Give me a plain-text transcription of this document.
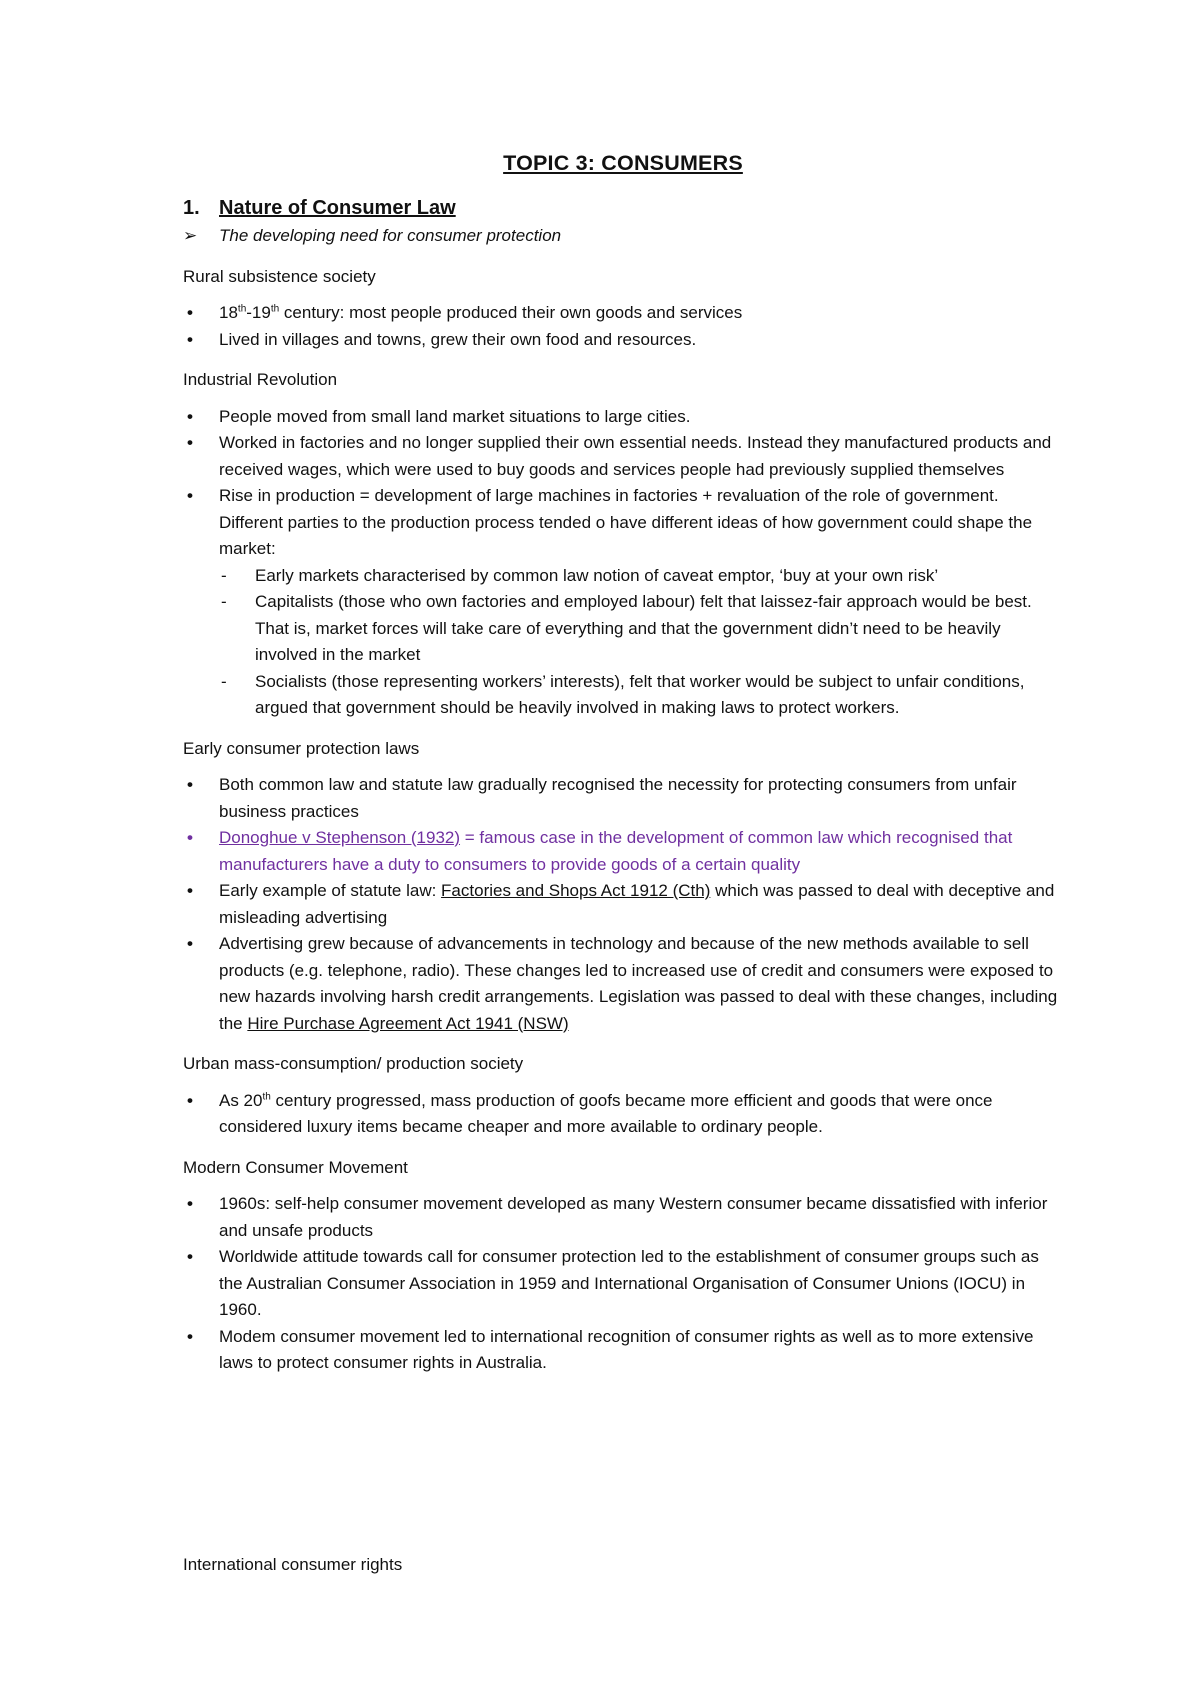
TOPIC 3: CONSUMERS
1. Nature of Consumer Law
➢	The developing need for consumer protection
Rural subsistence society
• 18th-19th century: most people produced their own goods and services
• Lived in villages and towns, grew their own food and resources.
Industrial Revolution
• People moved from small land market situations to large cities.
• Worked in factories and no longer supplied their own essential needs. Instead they manufactured products and received wages, which were used to buy goods and services people had previously supplied themselves
• Rise in production = development of large machines in factories + revaluation of the role of government. Different parties to the production process tended o have different ideas of how government could shape the market:
- Early markets characterised by common law notion of caveat emptor, ‘buy at your own risk’
- Capitalists (those who own factories and employed labour) felt that laissez-fair approach would be best. That is, market forces will take care of everything and that the government didn’t need to be heavily involved in the market
- Socialists (those representing workers’ interests), felt that worker would be subject to unfair conditions, argued that government should be heavily involved in making laws to protect workers.
Early consumer protection laws
• Both common law and statute law gradually recognised the necessity for protecting consumers from unfair business practices
• Donoghue v Stephenson (1932) = famous case in the development of common law which recognised that manufacturers have a duty to consumers to provide goods of a certain quality
• Early example of statute law: Factories and Shops Act 1912 (Cth) which was passed to deal with deceptive and misleading advertising
• Advertising grew because of advancements in technology and because of the new methods available to sell products (e.g. telephone, radio). These changes led to increased use of credit and consumers were exposed to new hazards involving harsh credit arrangements. Legislation was passed to deal with these changes, including the Hire Purchase Agreement Act 1941 (NSW)
Urban mass-consumption/ production society
• As 20th century progressed, mass production of goofs became more efficient and goods that were once considered luxury items became cheaper and more available to ordinary people.
Modern Consumer Movement
• 1960s: self-help consumer movement developed as many Western consumer became dissatisfied with inferior and unsafe products
• Worldwide attitude towards call for consumer protection led to the establishment of consumer groups such as the Australian Consumer Association in 1959 and International Organisation of Consumer Unions (IOCU) in 1960.
• Modem consumer movement led to international recognition of consumer rights as well as to more extensive laws to protect consumer rights in Australia.
International consumer rights
